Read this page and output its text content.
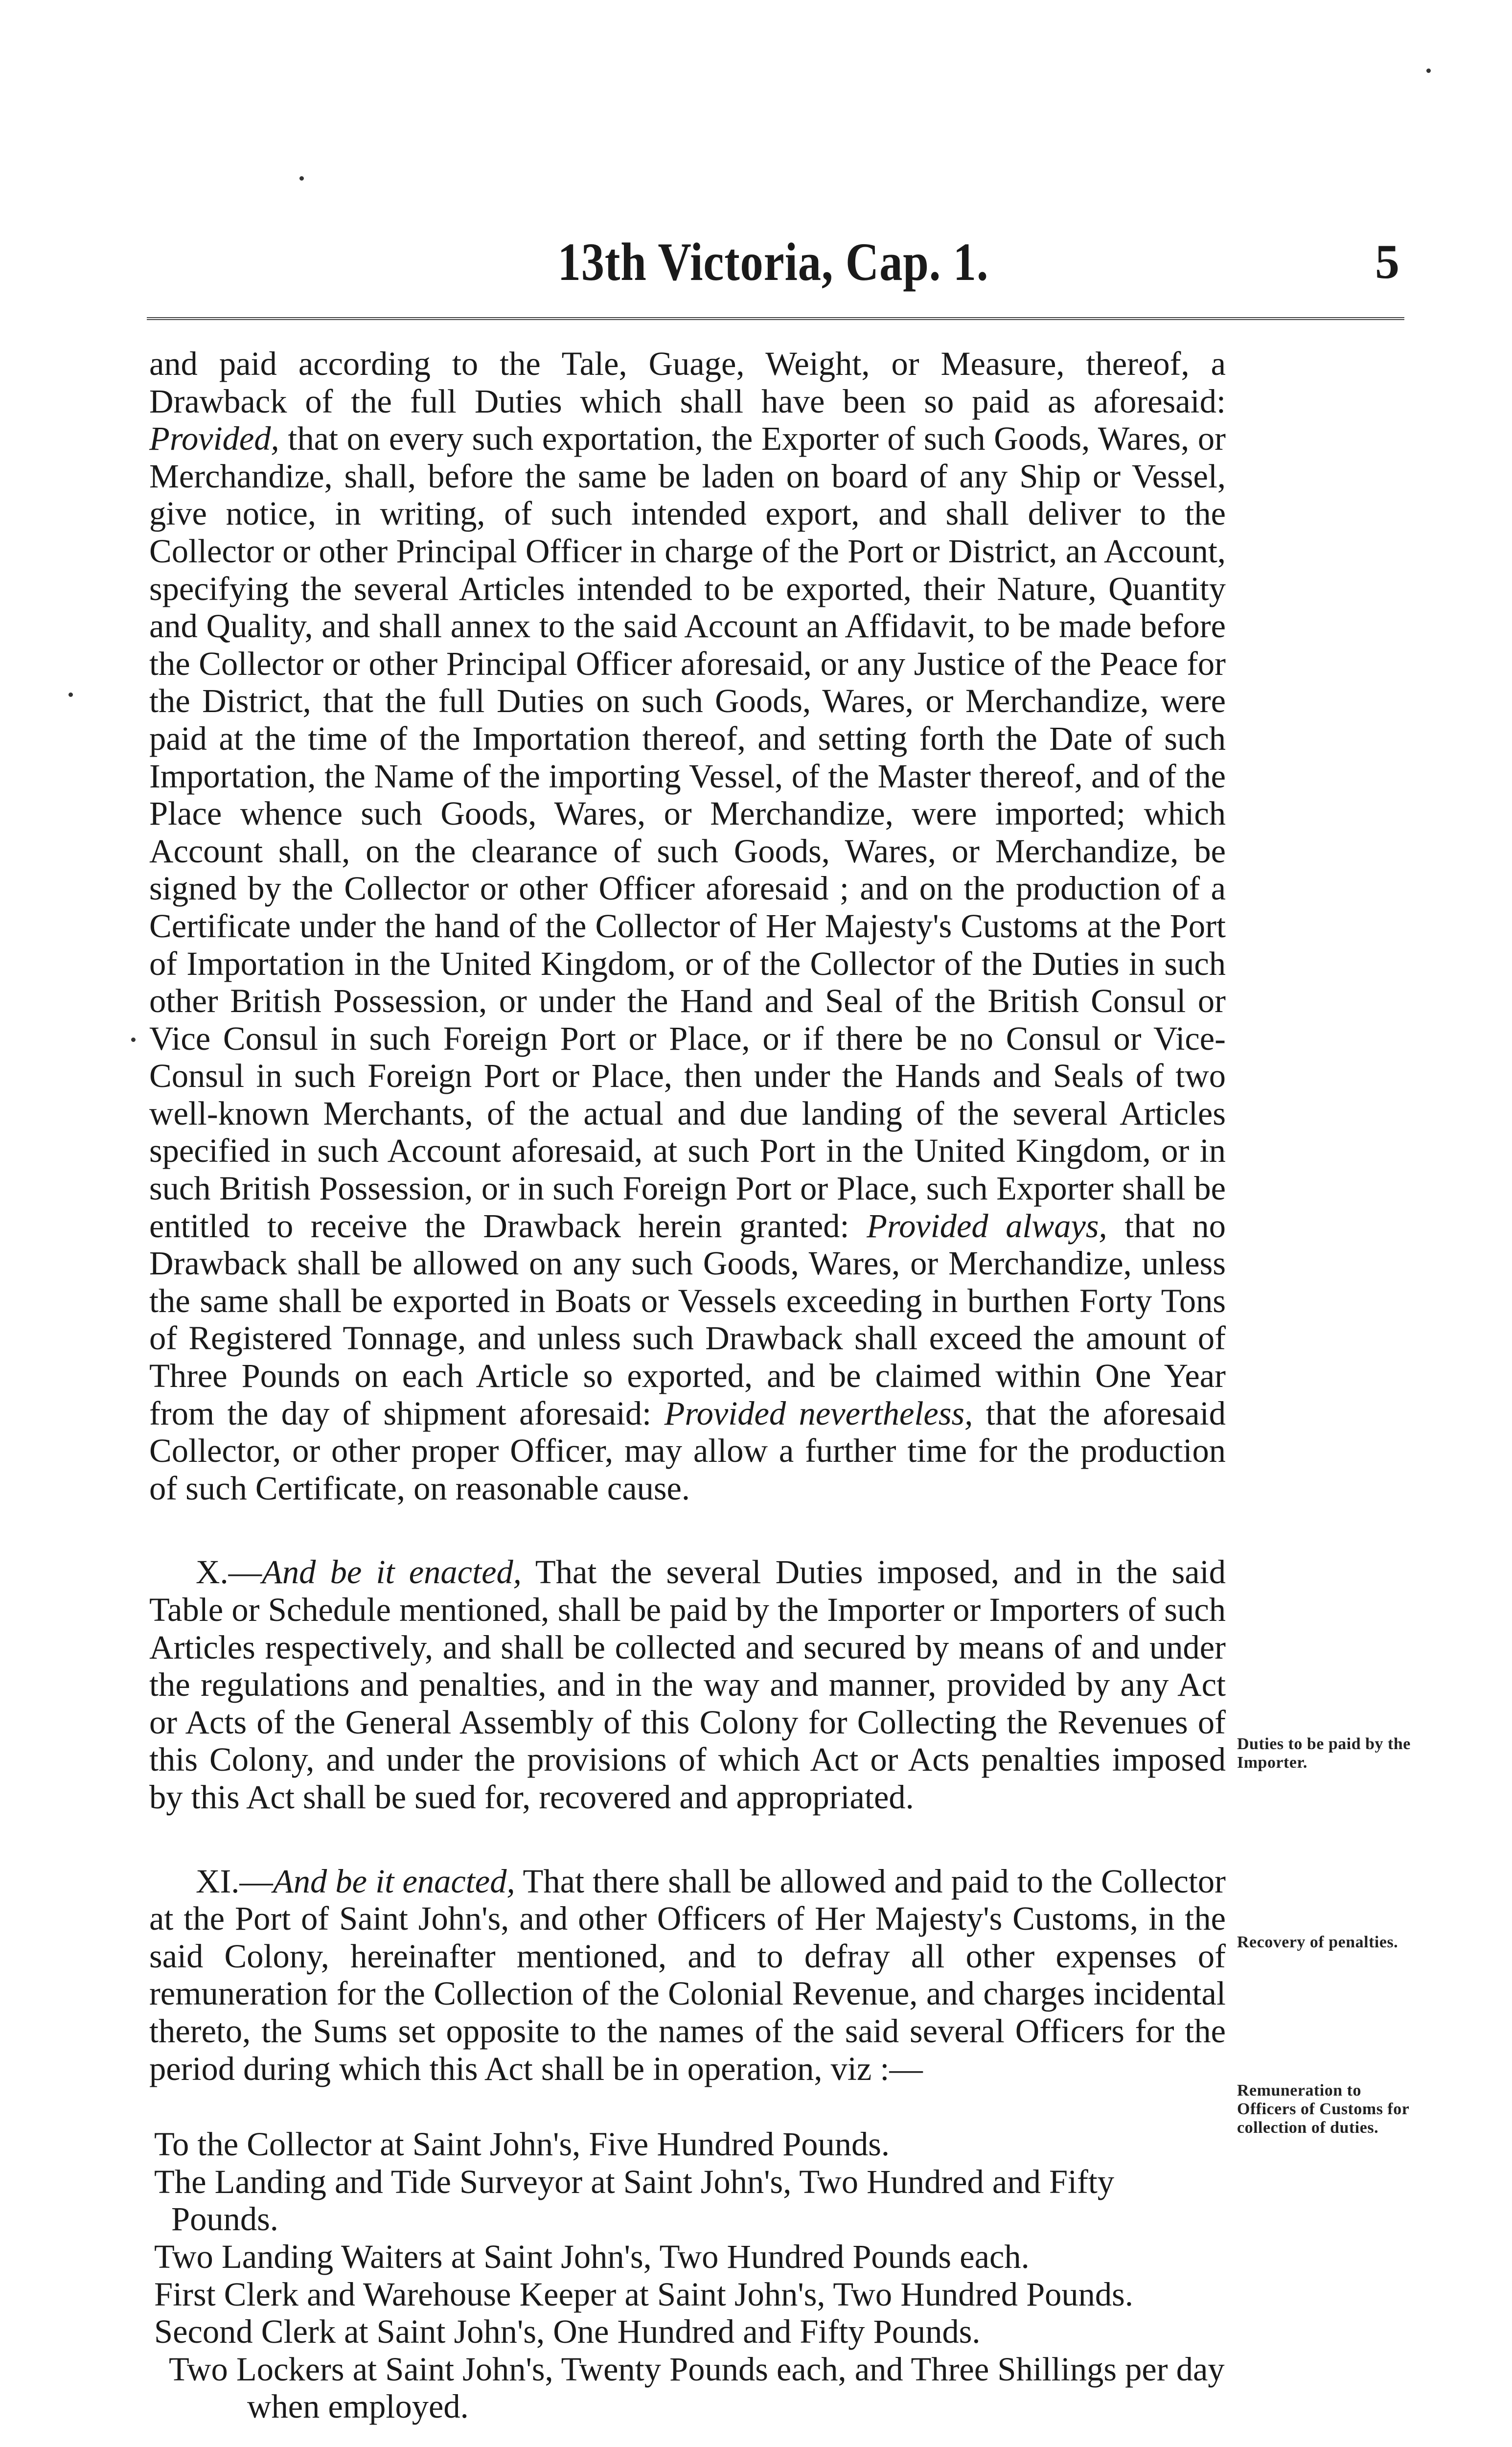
13th Victoria, Cap. 1.	5

and paid according to the Tale, Guage, Weight, or Measure, thereof, a Drawback of the full Duties which shall have been so paid as aforesaid: Provided, that on every such exportation, the Exporter of such Goods, Wares, or Merchandize, shall, before the same be laden on board of any Ship or Vessel, give notice, in writing, of such intended export, and shall deliver to the Collector or other Principal Officer in charge of the Port or District, an Account, specifying the several Articles intended to be exported, their Nature, Quantity and Quality, and shall annex to the said Account an Affidavit, to be made before the Collector or other Principal Officer aforesaid, or any Justice of the Peace for the District, that the full Duties on such Goods, Wares, or Merchandize, were paid at the time of the Importation thereof, and setting forth the Date of such Importation, the Name of the importing Vessel, of the Master thereof, and of the Place whence such Goods, Wares, or Merchandize, were imported; which Account shall, on the clearance of such Goods, Wares, or Merchandize, be signed by the Collector or other Officer aforesaid ; and on the production of a Certificate under the hand of the Collector of Her Majesty's Customs at the Port of Importation in the United Kingdom, or of the Collector of the Duties in such other British Possession, or under the Hand and Seal of the British Consul or Vice Consul in such Foreign Port or Place, or if there be no Consul or Vice-Consul in such Foreign Port or Place, then under the Hands and Seals of two well-known Merchants, of the actual and due landing of the several Articles specified in such Account aforesaid, at such Port in the United Kingdom, or in such British Possession, or in such Foreign Port or Place, such Exporter shall be entitled to receive the Drawback herein granted: Provided always, that no Drawback shall be allowed on any such Goods, Wares, or Merchandize, unless the same shall be exported in Boats or Vessels exceeding in burthen Forty Tons of Registered Tonnage, and unless such Drawback shall exceed the amount of Three Pounds on each Article so exported, and be claimed within One Year from the day of shipment aforesaid: Provided nevertheless, that the aforesaid Collector, or other proper Officer, may allow a further time for the production of such Certificate, on reasonable cause.

X.—And be it enacted, That the several Duties imposed, and in the said Table or Schedule mentioned, shall be paid by the Importer or Importers of such Articles respectively, and shall be collected and secured by means of and under the regulations and penalties, and in the way and manner, provided by any Act or Acts of the General Assembly of this Colony for Collecting the Revenues of this Colony, and under the provisions of which Act or Acts penalties imposed by this Act shall be sued for, recovered and appropriated.

XI.—And be it enacted, That there shall be allowed and paid to the Collector at the Port of Saint John's, and other Officers of Her Majesty's Customs, in the said Colony, hereinafter mentioned, and to defray all other expenses of remuneration for the Collection of the Colonial Revenue, and charges incidental thereto, the Sums set opposite to the names of the said several Officers for the period during which this Act shall be in operation, viz :—

To the Collector at Saint John's, Five Hundred Pounds.

The Landing and Tide Surveyor at Saint John's, Two Hundred and Fifty Pounds.

Two Landing Waiters at Saint John's, Two Hundred Pounds each.

First Clerk and Warehouse Keeper at Saint John's, Two Hundred Pounds.

Second Clerk at Saint John's, One Hundred and Fifty Pounds.

Two Lockers at Saint John's, Twenty Pounds each, and Three Shillings per day when employed.

Duties to be paid by the Importer.
Recovery of penalties.
Remuneration to Officers of Customs for collection of duties.
